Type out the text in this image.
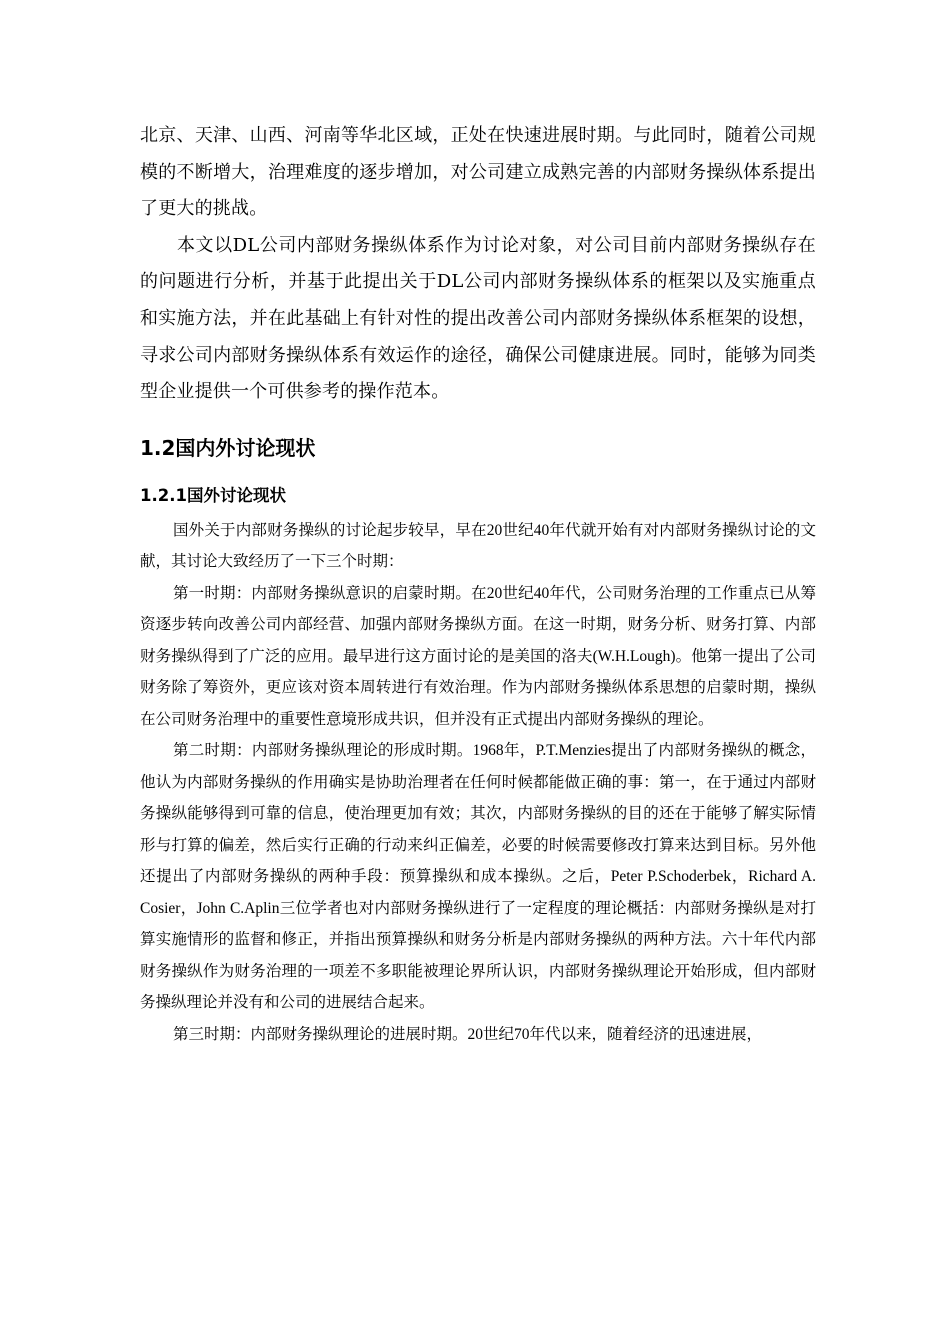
北京、天津、山西、河南等华北区域，正处在快速进展时期。与此同时，随着公司规模的不断增大，治理难度的逐步增加，对公司建立成熟完善的内部财务操纵体系提出了更大的挑战。

本文以DL公司内部财务操纵体系作为讨论对象，对公司目前内部财务操纵存在的问题进行分析，并基于此提出关于DL公司内部财务操纵体系的框架以及实施重点和实施方法，并在此基础上有针对性的提出改善公司内部财务操纵体系框架的设想，寻求公司内部财务操纵体系有效运作的途径，确保公司健康进展。同时，能够为同类型企业提供一个可供参考的操作范本。

1.2国内外讨论现状
1.2.1国外讨论现状

国外关于内部财务操纵的讨论起步较早，早在20世纪40年代就开始有对内部财务操纵讨论的文献，其讨论大致经历了一下三个时期：

第一时期：内部财务操纵意识的启蒙时期。在20世纪40年代，公司财务治理的工作重点已从筹资逐步转向改善公司内部经营、加强内部财务操纵方面。在这一时期，财务分析、财务打算、内部财务操纵得到了广泛的应用。最早进行这方面讨论的是美国的洛夫(W.H.Lough)。他第一提出了公司财务除了筹资外，更应该对资本周转进行有效治理。作为内部财务操纵体系思想的启蒙时期，操纵在公司财务治理中的重要性意境形成共识，但并没有正式提出内部财务操纵的理论。

第二时期：内部财务操纵理论的形成时期。1968年，P.T.Menzies提出了内部财务操纵的概念，他认为内部财务操纵的作用确实是协助治理者在任何时候都能做正确的事：第一，在于通过内部财务操纵能够得到可靠的信息，使治理更加有效；其次，内部财务操纵的目的还在于能够了解实际情形与打算的偏差，然后实行正确的行动来纠正偏差，必要的时候需要修改打算来达到目标。另外他还提出了内部财务操纵的两种手段：预算操纵和成本操纵。之后，Peter P.Schoderbek，Richard A. Cosier，John C.Aplin三位学者也对内部财务操纵进行了一定程度的理论概括：内部财务操纵是对打算实施情形的监督和修正，并指出预算操纵和财务分析是内部财务操纵的两种方法。六十年代内部财务操纵作为财务治理的一项差不多职能被理论界所认识，内部财务操纵理论开始形成，但内部财务操纵理论并没有和公司的进展结合起来。

第三时期：内部财务操纵理论的进展时期。20世纪70年代以来，随着经济的迅速进展，
